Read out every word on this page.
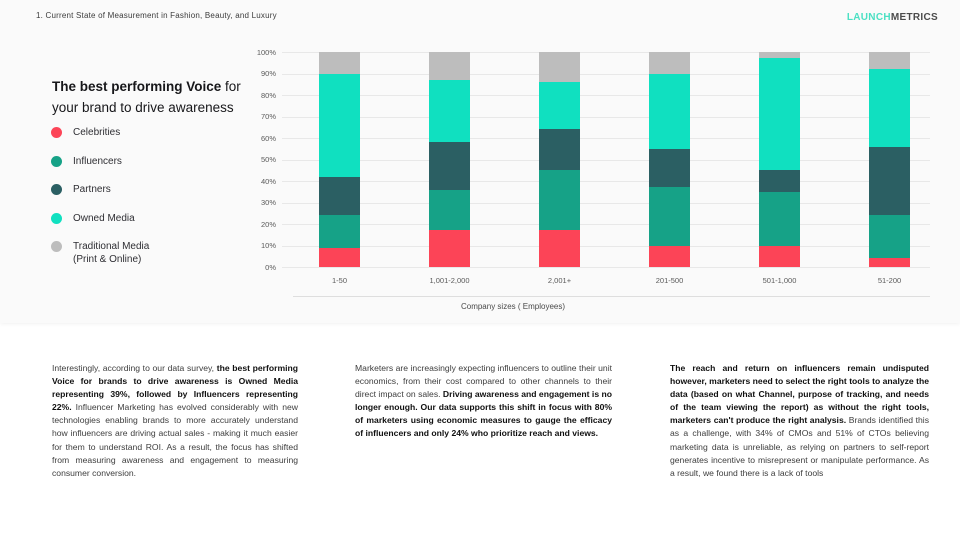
1. Current State of Measurement in Fashion, Beauty, and Luxury	LAUNCHMETRICS
The best performing Voice for
your brand to drive awareness
Celebrities
Influencers
Partners
Owned Media
Traditional Media
(Print & Online)
0%
10%
20%
30%
40%
50%
60%
70%
80%
90%
100%
1-50	1,001-2,000	2,001+	201-500	501-1,000	51-200
Company sizes ( Employees)
Interestingly, according to our data survey, the best performing Voice for brands to drive awareness is Owned Media representing 39%, followed by Influencers representing 22%. Influencer Marketing has evolved considerably with new technologies enabling brands to more accurately understand how influencers are driving actual sales - making it much easier for them to understand ROI. As a result, the focus has shifted from measuring awareness and engagement to measuring consumer conversion.
Marketers are increasingly expecting influencers to outline their unit economics, from their cost compared to other channels to their direct impact on sales. Driving awareness and engagement is no longer enough. Our data supports this shift in focus with 80% of marketers using economic measures to gauge the efficacy of influencers and only 24% who prioritize reach and views.
The reach and return on influencers remain undisputed however, marketers need to select the right tools to analyze the data (based on what Channel, purpose of tracking, and needs of the team viewing the report) as without the right tools, marketers can't produce the right analysis. Brands identified this as a challenge, with 34% of CMOs and 51% of CTOs believing marketing data is unreliable, as relying on partners to self-report generates incentive to misrepresent or manipulate performance. As a result, we found there is a lack of tools
